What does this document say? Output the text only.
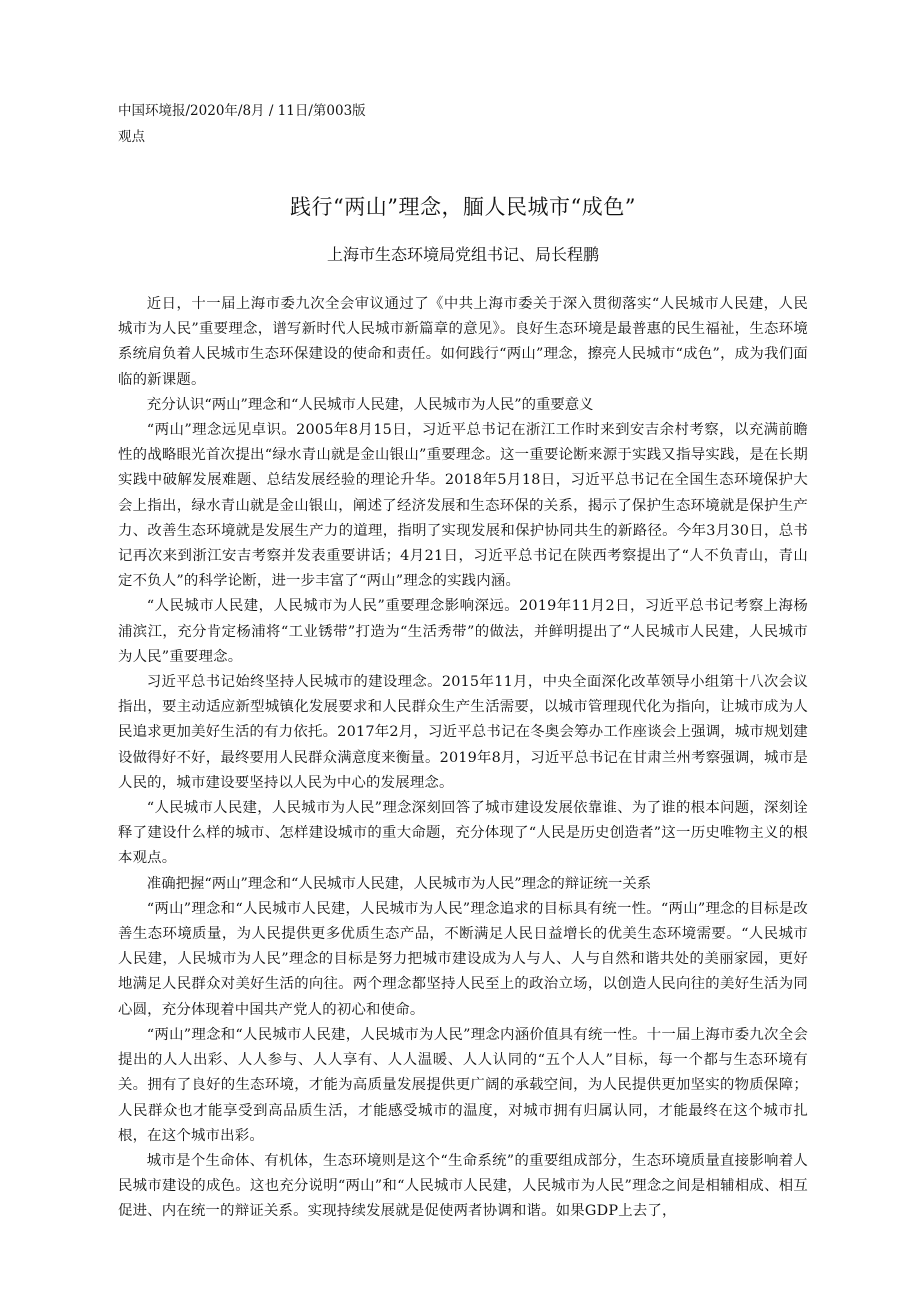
中国环境报/2020年/8月 / 11日/第003版

观点

践行“两山”理念，腼人民城市“成色”
上海市生态环境局党组书记、局长程鹏

近日，十一届上海市委九次全会审议通过了《中共上海市委关于深入贯彻落实“人民城市人民建，人民城市为人民”重要理念，谱写新时代人民城市新篇章的意见》。良好生态环境是最普惠的民生福祉，生态环境系统肩负着人民城市生态环保建设的使命和责任。如何践行“两山”理念，擦亮人民城市“成色”，成为我们面临的新课题。

充分认识“两山”理念和“人民城市人民建，人民城市为人民”的重要意义

“两山”理念远见卓识。2005年8月15日，习近平总书记在浙江工作时来到安吉余村考察，以充满前瞻性的战略眼光首次提出“绿水青山就是金山银山”重要理念。这一重要论断来源于实践又指导实践，是在长期实践中破解发展难题、总结发展经验的理论升华。2018年5月18日，习近平总书记在全国生态环境保护大会上指出，绿水青山就是金山银山，阐述了经济发展和生态环保的关系，揭示了保护生态环境就是保护生产力、改善生态环境就是发展生产力的道理，指明了实现发展和保护协同共生的新路径。今年3月30日，总书记再次来到浙江安吉考察并发表重要讲话；4月21日，习近平总书记在陕西考察提出了“人不负青山，青山定不负人”的科学论断，进一步丰富了“两山”理念的实践内涵。

“人民城市人民建，人民城市为人民”重要理念影响深远。2019年11月2日，习近平总书记考察上海杨浦滨江，充分肯定杨浦将“工业锈带”打造为“生活秀带”的做法，并鲜明提出了“人民城市人民建，人民城市为人民”重要理念。

习近平总书记始终坚持人民城市的建设理念。2015年11月，中央全面深化改革领导小组第十八次会议指出，要主动适应新型城镇化发展要求和人民群众生产生活需要，以城市管理现代化为指向，让城市成为人民追求更加美好生活的有力依托。2017年2月，习近平总书记在冬奥会筹办工作座谈会上强调，城市规划建设做得好不好，最终要用人民群众满意度来衡量。2019年8月，习近平总书记在甘肃兰州考察强调，城市是人民的，城市建设要坚持以人民为中心的发展理念。

“人民城市人民建，人民城市为人民”理念深刻回答了城市建设发展依靠谁、为了谁的根本问题，深刻诠释了建设什么样的城市、怎样建设城市的重大命题，充分体现了“人民是历史创造者”这一历史唯物主义的根本观点。

准确把握“两山”理念和“人民城市人民建，人民城市为人民”理念的辩证统一关系

“两山”理念和“人民城市人民建，人民城市为人民”理念追求的目标具有统一性。“两山”理念的目标是改善生态环境质量，为人民提供更多优质生态产品，不断满足人民日益增长的优美生态环境需要。“人民城市人民建，人民城市为人民”理念的目标是努力把城市建设成为人与人、人与自然和谐共处的美丽家园，更好地满足人民群众对美好生活的向往。两个理念都坚持人民至上的政治立场，以创造人民向往的美好生活为同心圆，充分体现着中国共产党人的初心和使命。

“两山”理念和“人民城市人民建，人民城市为人民”理念内涵价值具有统一性。十一届上海市委九次全会提出的人人出彩、人人参与、人人享有、人人温暖、人人认同的“五个人人”目标，每一个都与生态环境有关。拥有了良好的生态环境，才能为高质量发展提供更广阔的承载空间，为人民提供更加坚实的物质保障；人民群众也才能享受到高品质生活，才能感受城市的温度，对城市拥有归属认同，才能最终在这个城市扎根，在这个城市出彩。

城市是个生命体、有机体，生态环境则是这个“生命系统”的重要组成部分，生态环境质量直接影响着人民城市建设的成色。这也充分说明“两山”和“人民城市人民建，人民城市为人民”理念之间是相辅相成、相互促进、内在统一的辩证关系。实现持续发展就是促使两者协调和谐。如果GDP上去了，
